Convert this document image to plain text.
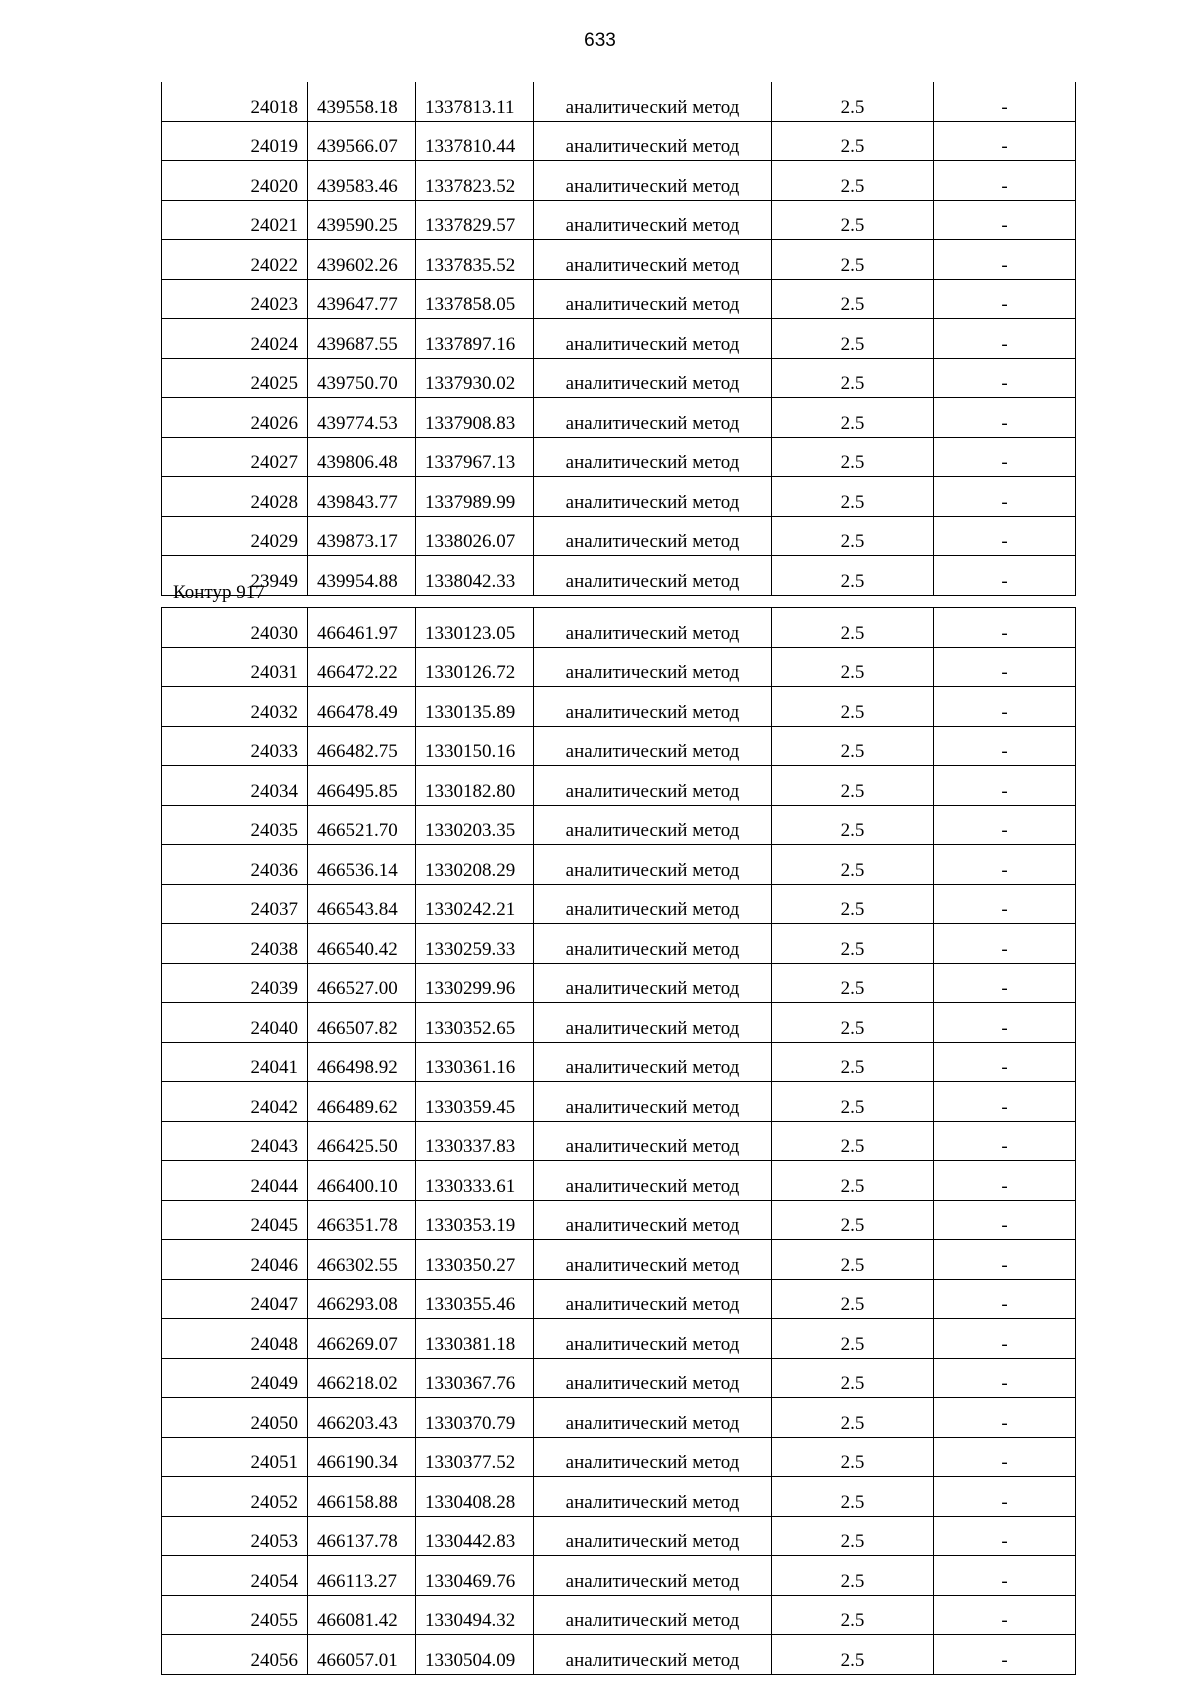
633
24018	439558.18	1337813.11	аналитический метод	2.5	-
24019	439566.07	1337810.44	аналитический метод	2.5	-
24020	439583.46	1337823.52	аналитический метод	2.5	-
24021	439590.25	1337829.57	аналитический метод	2.5	-
24022	439602.26	1337835.52	аналитический метод	2.5	-
24023	439647.77	1337858.05	аналитический метод	2.5	-
24024	439687.55	1337897.16	аналитический метод	2.5	-
24025	439750.70	1337930.02	аналитический метод	2.5	-
24026	439774.53	1337908.83	аналитический метод	2.5	-
24027	439806.48	1337967.13	аналитический метод	2.5	-
24028	439843.77	1337989.99	аналитический метод	2.5	-
24029	439873.17	1338026.07	аналитический метод	2.5	-
23949	439954.88	1338042.33	аналитический метод	2.5	-
Контур 917
24030	466461.97	1330123.05	аналитический метод	2.5	-
24031	466472.22	1330126.72	аналитический метод	2.5	-
24032	466478.49	1330135.89	аналитический метод	2.5	-
24033	466482.75	1330150.16	аналитический метод	2.5	-
24034	466495.85	1330182.80	аналитический метод	2.5	-
24035	466521.70	1330203.35	аналитический метод	2.5	-
24036	466536.14	1330208.29	аналитический метод	2.5	-
24037	466543.84	1330242.21	аналитический метод	2.5	-
24038	466540.42	1330259.33	аналитический метод	2.5	-
24039	466527.00	1330299.96	аналитический метод	2.5	-
24040	466507.82	1330352.65	аналитический метод	2.5	-
24041	466498.92	1330361.16	аналитический метод	2.5	-
24042	466489.62	1330359.45	аналитический метод	2.5	-
24043	466425.50	1330337.83	аналитический метод	2.5	-
24044	466400.10	1330333.61	аналитический метод	2.5	-
24045	466351.78	1330353.19	аналитический метод	2.5	-
24046	466302.55	1330350.27	аналитический метод	2.5	-
24047	466293.08	1330355.46	аналитический метод	2.5	-
24048	466269.07	1330381.18	аналитический метод	2.5	-
24049	466218.02	1330367.76	аналитический метод	2.5	-
24050	466203.43	1330370.79	аналитический метод	2.5	-
24051	466190.34	1330377.52	аналитический метод	2.5	-
24052	466158.88	1330408.28	аналитический метод	2.5	-
24053	466137.78	1330442.83	аналитический метод	2.5	-
24054	466113.27	1330469.76	аналитический метод	2.5	-
24055	466081.42	1330494.32	аналитический метод	2.5	-
24056	466057.01	1330504.09	аналитический метод	2.5	-
